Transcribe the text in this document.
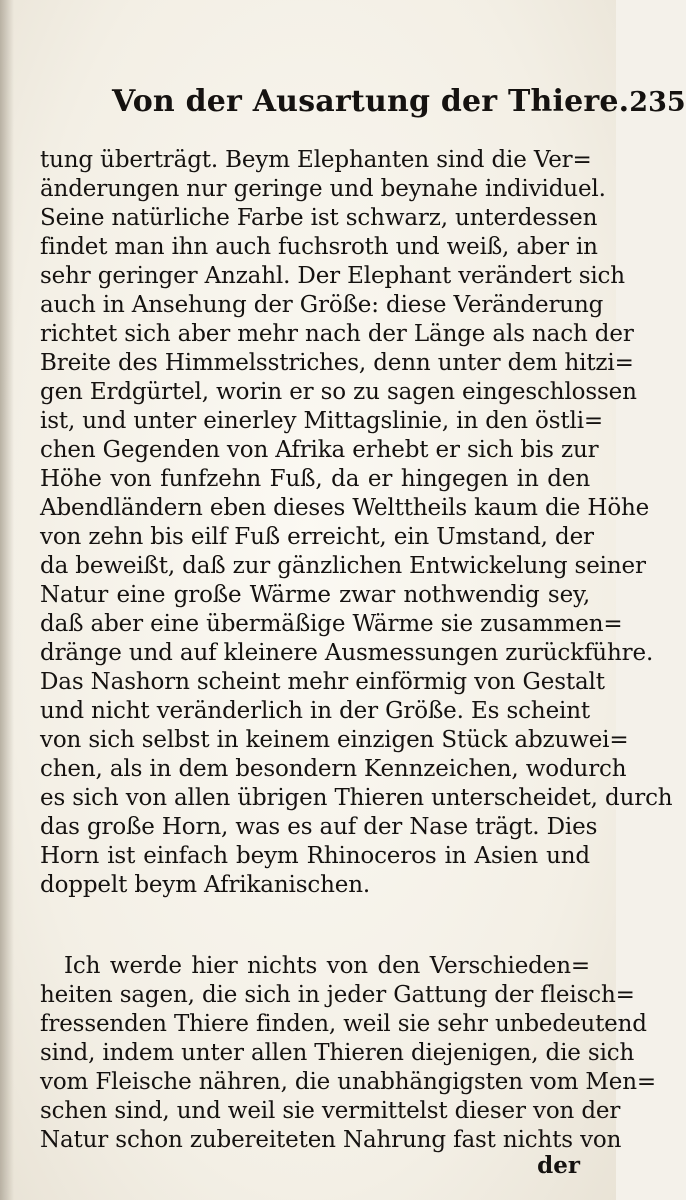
Von der Ausartung der Thiere. 235
tung überträgt. Beym Elephanten sind die Ver=
änderungen nur geringe und beynahe individuel.
Seine natürliche Farbe ist schwarz, unterdessen
findet man ihn auch fuchsroth und weiß, aber in
sehr geringer Anzahl. Der Elephant verändert sich
auch in Ansehung der Größe: diese Veränderung
richtet sich aber mehr nach der Länge als nach der
Breite des Himmelsstriches, denn unter dem hitzi=
gen Erdgürtel, worin er so zu sagen eingeschlossen
ist, und unter einerley Mittagslinie, in den östli=
chen Gegenden von Afrika erhebt er sich bis zur
Höhe von funfzehn Fuß, da er hingegen in den
Abendländern eben dieses Welttheils kaum die Höhe
von zehn bis eilf Fuß erreicht, ein Umstand, der
da beweißt, daß zur gänzlichen Entwickelung seiner
Natur eine große Wärme zwar nothwendig sey,
daß aber eine übermäßige Wärme sie zusammen=
dränge und auf kleinere Ausmessungen zurückführe.
Das Nashorn scheint mehr einförmig von Gestalt
und nicht veränderlich in der Größe. Es scheint
von sich selbst in keinem einzigen Stück abzuwei=
chen, als in dem besondern Kennzeichen, wodurch
es sich von allen übrigen Thieren unterscheidet, durch
das große Horn, was es auf der Nase trägt. Dies
Horn ist einfach beym Rhinoceros in Asien und
doppelt beym Afrikanischen.
Ich werde hier nichts von den Verschieden=
heiten sagen, die sich in jeder Gattung der fleisch=
fressenden Thiere finden, weil sie sehr unbedeutend
sind, indem unter allen Thieren diejenigen, die sich
vom Fleische nähren, die unabhängigsten vom Men=
schen sind, und weil sie vermittelst dieser von der
Natur schon zubereiteten Nahrung fast nichts von
der
